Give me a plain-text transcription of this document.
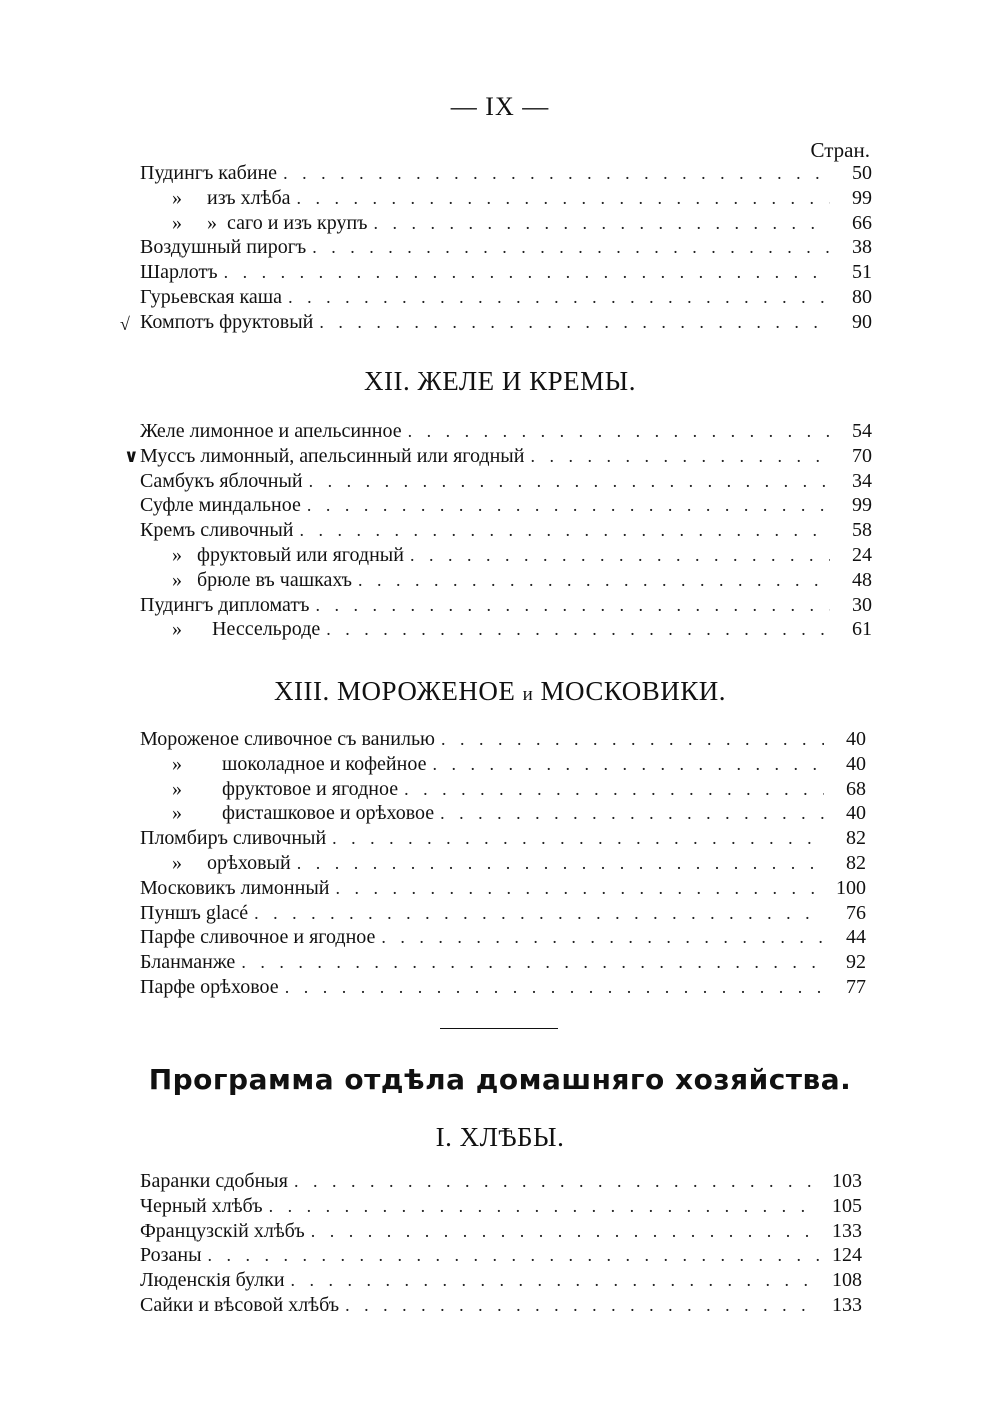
— IX —
Стран.
Пудингъ кабинe . . .	50
»     изъ хлѣба . . .	99
»     »  саго и изъ крупъ . . .	66
Воздушный пирогъ . . .	38
Шарлотъ . . .	51
Гурьевская каша . . .	80
Компотъ фруктовый . . .	90
√
XII. ЖЕЛЕ И КРЕМЫ.
Желе лимонное и апельсинное . . .	54
Муссъ лимонный, апельсинный или ягодный . . .	70
Самбукъ яблочный . . .	34
Суфле миндальное . . .	99
Кремъ сливочный . . .	58
»   фруктовый или ягодный . . .	24
»   брюле въ чашкахъ . . .	48
Пудингъ дипломатъ . . .	30
»      Нессельроде . . .	61
∨
XIII. МОРОЖЕНОЕ и МОСКОВИКИ.
Мороженое сливочное съ ванилью . . .	40
»        шоколадное и кофейное . . .	40
»        фруктовое и ягодное . . .	68
»        фисташковое и орѣховое . . .	40
Пломбиръ сливочный . . .	82
»     орѣховый . . .	82
Московикъ лимонный . . .	100
Пуншъ glacé . . .	76
Парфе сливочное и ягодное . . .	44
Бланманже . . .	92
Парфе орѣховое . . .	77
Программа отдѣла домашняго хозяйства.
I. ХЛѢБЫ.
Баранки сдобныя . . .	103
Черный хлѣбъ . . .	105
Французскій хлѣбъ . . .	133
Розаны . . .	124
Люденскія булки . . .	108
Сайки и вѣсовой хлѣбъ . . .	133
